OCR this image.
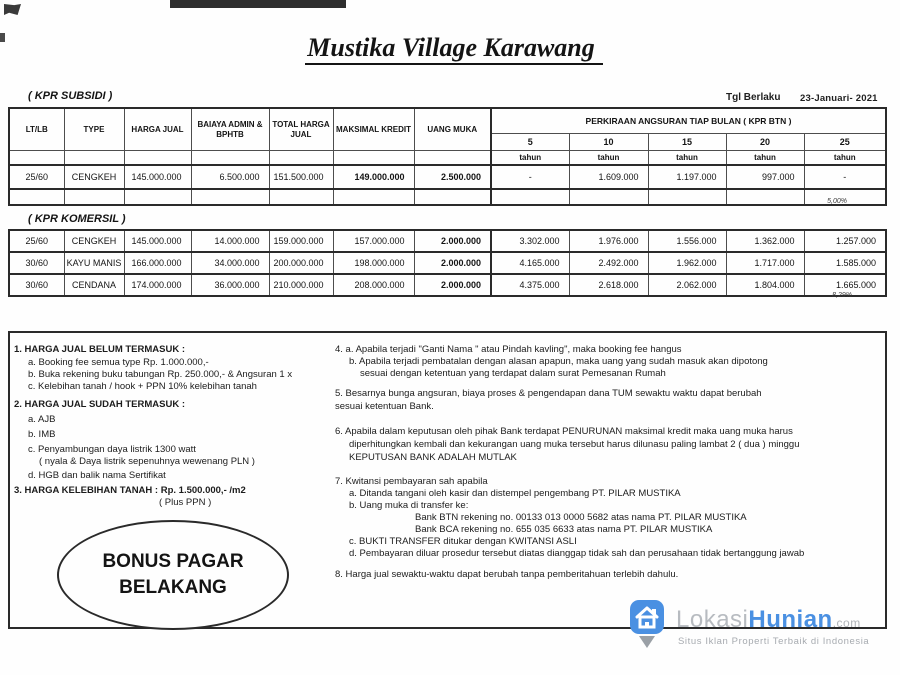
Mustika Village Karawang
Tgl Berlaku 23-Januari- 2021
( KPR SUBSIDI )
LT/LB	TYPE	HARGA JUAL	BAIAYA ADMIN & BPHTB	TOTAL HARGA JUAL	MAKSIMAL KREDIT	UANG MUKA	PERKIRAAN ANGSURAN TIAP BULAN ( KPR BTN )				
							5	10	15	20	25
							tahun	tahun	tahun	tahun	tahun
25/60	CENGKEH	145.000.000	6.500.000	151.500.000	149.000.000	2.500.000	-	1.609.000	1.197.000	997.000	-

5,00%
( KPR KOMERSIL )
25/60	CENGKEH	145.000.000	14.000.000	159.000.000	157.000.000	2.000.000	3.302.000	1.976.000	1.556.000	1.362.000	1.257.000
30/60	KAYU MANIS	166.000.000	34.000.000	200.000.000	198.000.000	2.000.000	4.165.000	2.492.000	1.962.000	1.717.000	1.585.000
30/60	CENDANA	174.000.000	36.000.000	210.000.000	208.000.000	2.000.000	4.375.000	2.618.000	2.062.000	1.804.000	1.665.000
8,29%
1. HARGA JUAL BELUM TERMASUK :
a. Booking fee semua type Rp. 1.000.000,-
b. Buka rekening buku tabungan Rp. 250.000,- & Angsuran 1 x
c. Kelebihan tanah / hook + PPN 10% kelebihan tanah
2. HARGA JUAL SUDAH TERMASUK :
a. AJB
b. IMB
c. Penyambungan daya listrik 1300 watt
( nyala & Daya listrik sepenuhnya wewenang PLN )
d. HGB dan balik nama Sertifikat
3. HARGA KELEBIHAN TANAH : Rp. 1.500.000,- /m2
( Plus PPN )
4. a. Apabila terjadi "Ganti Nama " atau Pindah kavling", maka booking fee hangus
b. Apabila terjadi pembatalan dengan alasan apapun, maka uang yang sudah masuk akan dipotong
sesuai dengan ketentuan yang terdapat dalam surat Pemesanan Rumah
5. Besarnya bunga angsuran, biaya proses & pengendapan dana TUM sewaktu waktu dapat berubah
sesuai ketentuan Bank.
6. Apabila dalam keputusan oleh pihak Bank terdapat PENURUNAN maksimal kredit maka uang muka harus
diperhitungkan kembali dan kekurangan uang muka tersebut harus dilunasu paling lambat 2 ( dua ) minggu
KEPUTUSAN BANK ADALAH MUTLAK
7. Kwitansi pembayaran sah apabila
a. Ditanda tangani oleh kasir dan distempel pengembang PT. PILAR MUSTIKA
b. Uang muka di transfer ke:
Bank BTN rekening no. 00133 013 0000 5682 atas nama PT. PILAR MUSTIKA
Bank BCA rekening no. 655 035 6633 atas nama PT. PILAR MUSTIKA
c. BUKTI TRANSFER ditukar dengan KWITANSI ASLI
d. Pembayaran diluar prosedur tersebut diatas dianggap tidak sah dan perusahaan tidak bertanggung jawab
8. Harga jual sewaktu-waktu dapat berubah tanpa pemberitahuan terlebih dahulu.
BONUS PAGAR BELAKANG
LokasiHunian.com
Situs Iklan Properti Terbaik di Indonesia
